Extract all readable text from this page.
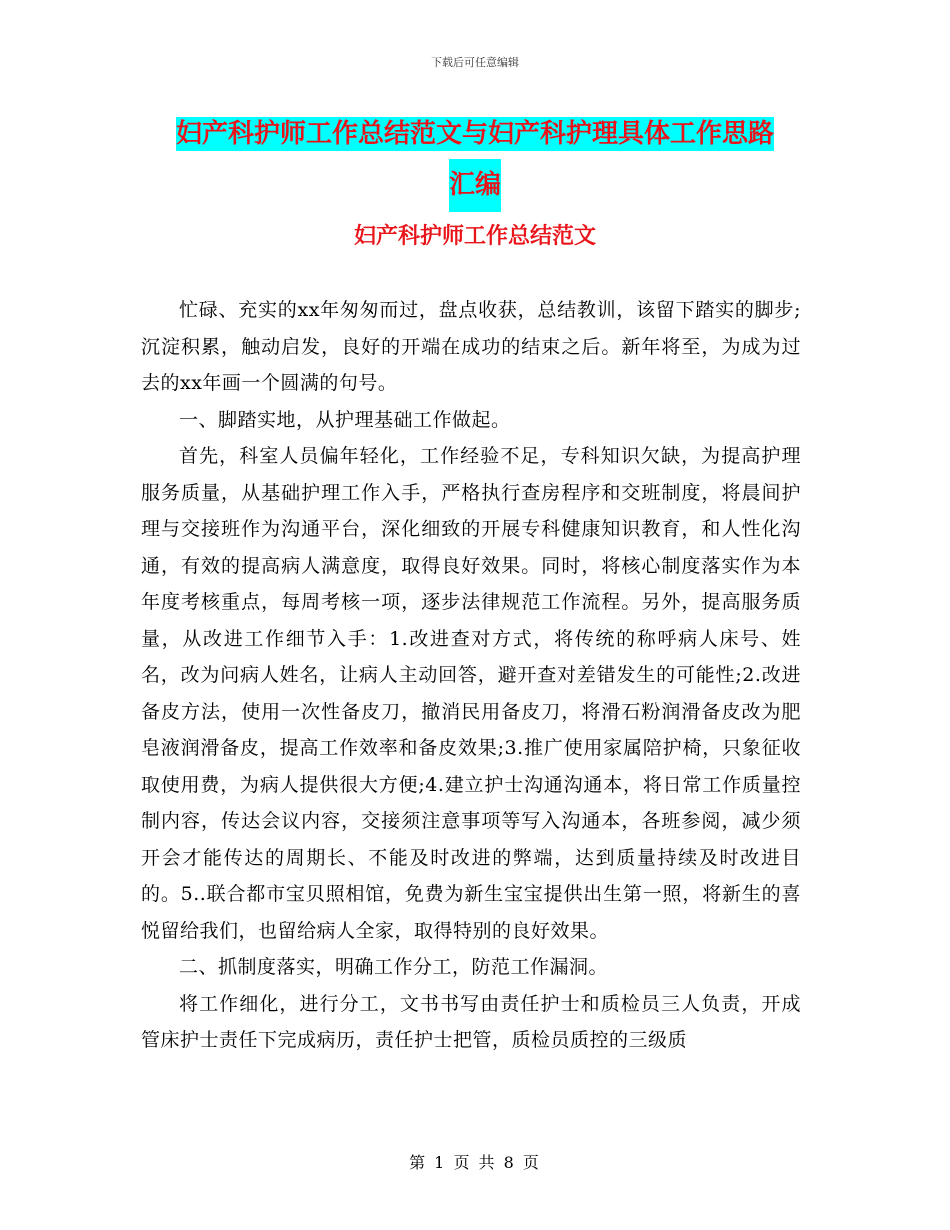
下载后可任意编辑
妇产科护师工作总结范文与妇产科护理具体工作思路
汇编
妇产科护师工作总结范文

忙碌、充实的xx年匆匆而过，盘点收获，总结教训，该留下踏实的脚步;沉淀积累，触动启发，良好的开端在成功的结束之后。新年将至，为成为过去的xx年画一个圆满的句号。

一、脚踏实地，从护理基础工作做起。

首先，科室人员偏年轻化，工作经验不足，专科知识欠缺，为提高护理服务质量，从基础护理工作入手，严格执行查房程序和交班制度，将晨间护理与交接班作为沟通平台，深化细致的开展专科健康知识教育，和人性化沟通，有效的提高病人满意度，取得良好效果。同时，将核心制度落实作为本年度考核重点，每周考核一项，逐步法律规范工作流程。另外，提高服务质量，从改进工作细节入手：1.改进查对方式，将传统的称呼病人床号、姓名，改为问病人姓名，让病人主动回答，避开查对差错发生的可能性;2.改进备皮方法，使用一次性备皮刀，撤消民用备皮刀，将滑石粉润滑备皮改为肥皂液润滑备皮，提高工作效率和备皮效果;3.推广使用家属陪护椅，只象征收取使用费，为病人提供很大方便;4.建立护士沟通沟通本，将日常工作质量控制内容，传达会议内容，交接须注意事项等写入沟通本，各班参阅，减少须开会才能传达的周期长、不能及时改进的弊端，达到质量持续及时改进目的。5..联合都市宝贝照相馆，免费为新生宝宝提供出生第一照，将新生的喜悦留给我们，也留给病人全家，取得特别的良好效果。

二、抓制度落实，明确工作分工，防范工作漏洞。

将工作细化，进行分工，文书书写由责任护士和质检员三人负责，开成管床护士责任下完成病历，责任护士把管，质检员质控的三级质

第 1 页 共 8 页
